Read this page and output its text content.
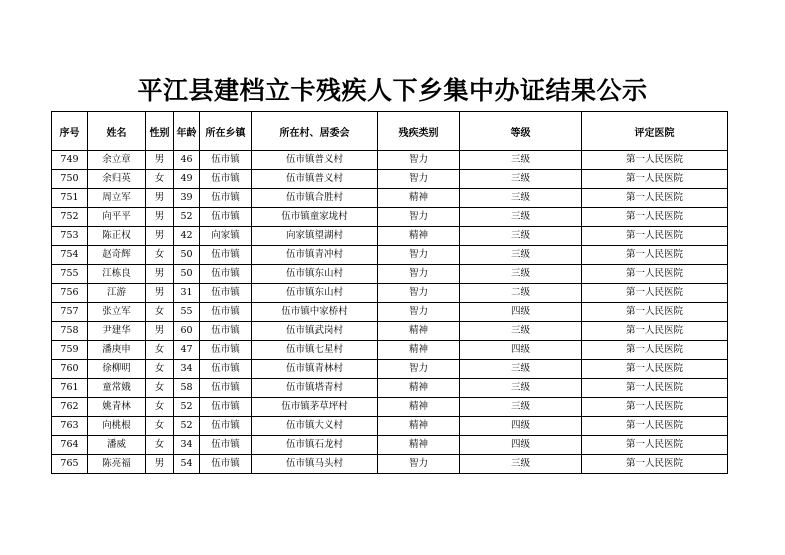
平江县建档立卡残疾人下乡集中办证结果公示
序号	姓名	性别	年龄	所在乡镇	所在村、居委会	残疾类别	等级	评定医院
749	余立章	男	46	伍市镇	伍市镇普义村	智力	三级	第一人民医院
750	余归英	女	49	伍市镇	伍市镇普义村	智力	三级	第一人民医院
751	周立军	男	39	伍市镇	伍市镇合胜村	精神	三级	第一人民医院
752	向平平	男	52	伍市镇	伍市镇童家垅村	智力	三级	第一人民医院
753	陈正权	男	42	向家镇	向家镇望湖村	精神	三级	第一人民医院
754	赵奇辉	女	50	伍市镇	伍市镇青冲村	智力	三级	第一人民医院
755	江栋良	男	50	伍市镇	伍市镇东山村	智力	三级	第一人民医院
756	江游	男	31	伍市镇	伍市镇东山村	智力	二级	第一人民医院
757	张立军	女	55	伍市镇	伍市镇中家桥村	智力	四级	第一人民医院
758	尹建华	男	60	伍市镇	伍市镇武岗村	精神	三级	第一人民医院
759	潘庚申	女	47	伍市镇	伍市镇七星村	精神	四级	第一人民医院
760	徐柳明	女	34	伍市镇	伍市镇青林村	智力	三级	第一人民医院
761	童常娥	女	58	伍市镇	伍市镇塔青村	精神	三级	第一人民医院
762	姚青林	女	52	伍市镇	伍市镇茅草坪村	精神	三级	第一人民医院
763	向桃根	女	52	伍市镇	伍市镇大义村	精神	四级	第一人民医院
764	潘威	女	34	伍市镇	伍市镇石龙村	精神	四级	第一人民医院
765	陈亮福	男	54	伍市镇	伍市镇马头村	智力	三级	第一人民医院
